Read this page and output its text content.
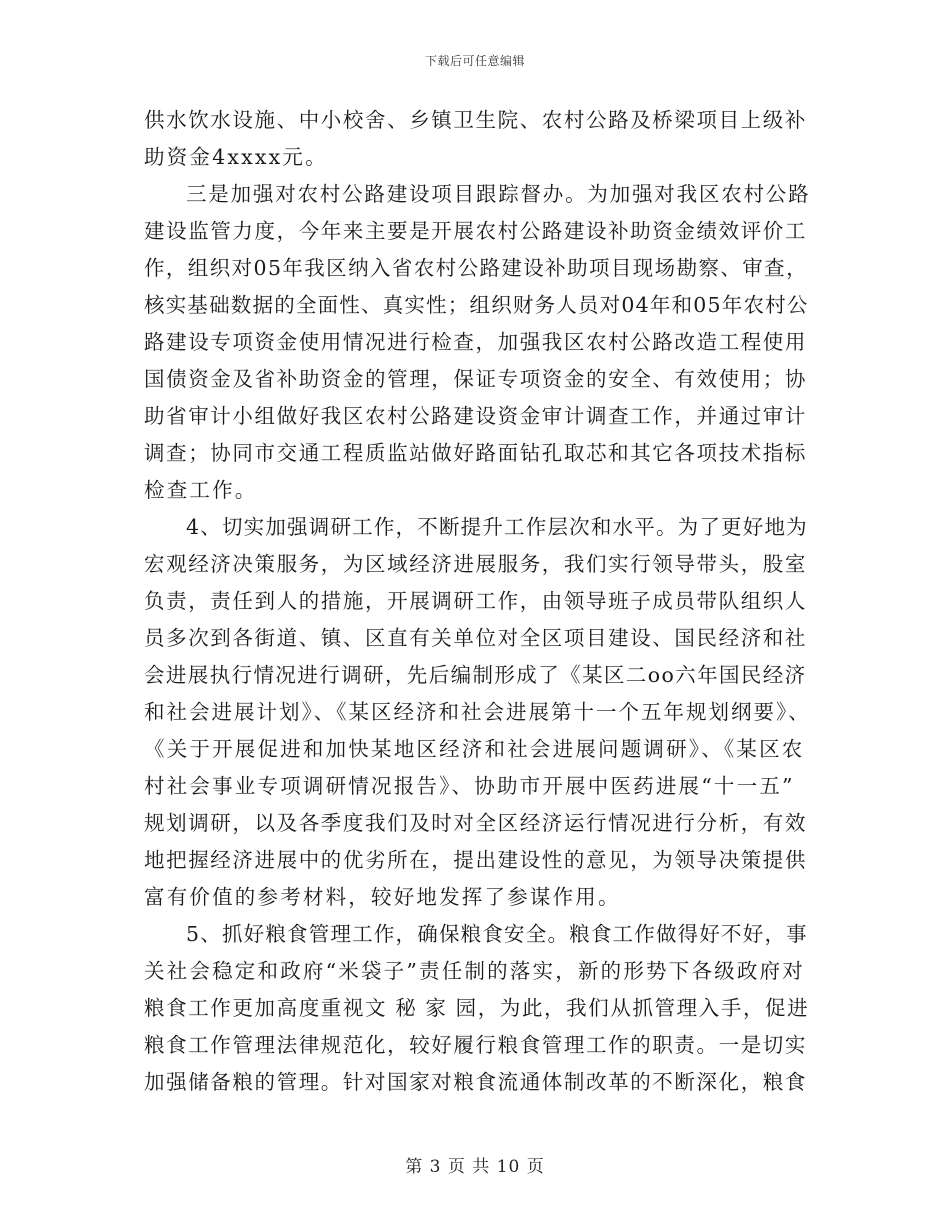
下载后可任意编辑
供水饮水设施、中小校舍、乡镇卫生院、农村公路及桥梁项目上级补
助资金4xxxx元。
三是加强对农村公路建设项目跟踪督办。为加强对我区农村公路
建设监管力度，今年来主要是开展农村公路建设补助资金绩效评价工
作，组织对05年我区纳入省农村公路建设补助项目现场勘察、审查，
核实基础数据的全面性、真实性；组织财务人员对04年和05年农村公
路建设专项资金使用情况进行检查，加强我区农村公路改造工程使用
国债资金及省补助资金的管理，保证专项资金的安全、有效使用；协
助省审计小组做好我区农村公路建设资金审计调查工作，并通过审计
调查；协同市交通工程质监站做好路面钻孔取芯和其它各项技术指标
检查工作。
4、切实加强调研工作，不断提升工作层次和水平。为了更好地为
宏观经济决策服务，为区域经济进展服务，我们实行领导带头，股室
负责，责任到人的措施，开展调研工作，由领导班子成员带队组织人
员多次到各街道、镇、区直有关单位对全区项目建设、国民经济和社
会进展执行情况进行调研，先后编制形成了《某区二oo六年国民经济
和社会进展计划》、《某区经济和社会进展第十一个五年规划纲要》、
《关于开展促进和加快某地区经济和社会进展问题调研》、《某区农
村社会事业专项调研情况报告》、协助市开展中医药进展“十一五”
规划调研，以及各季度我们及时对全区经济运行情况进行分析，有效
地把握经济进展中的优劣所在，提出建设性的意见，为领导决策提供
富有价值的参考材料，较好地发挥了参谋作用。
5、抓好粮食管理工作，确保粮食安全。粮食工作做得好不好，事
关社会稳定和政府“米袋子”责任制的落实，新的形势下各级政府对
粮食工作更加高度重视文 秘 家 园，为此，我们从抓管理入手，促进
粮食工作管理法律规范化，较好履行粮食管理工作的职责。一是切实
加强储备粮的管理。针对国家对粮食流通体制改革的不断深化，粮食
第 3 页 共 10 页
